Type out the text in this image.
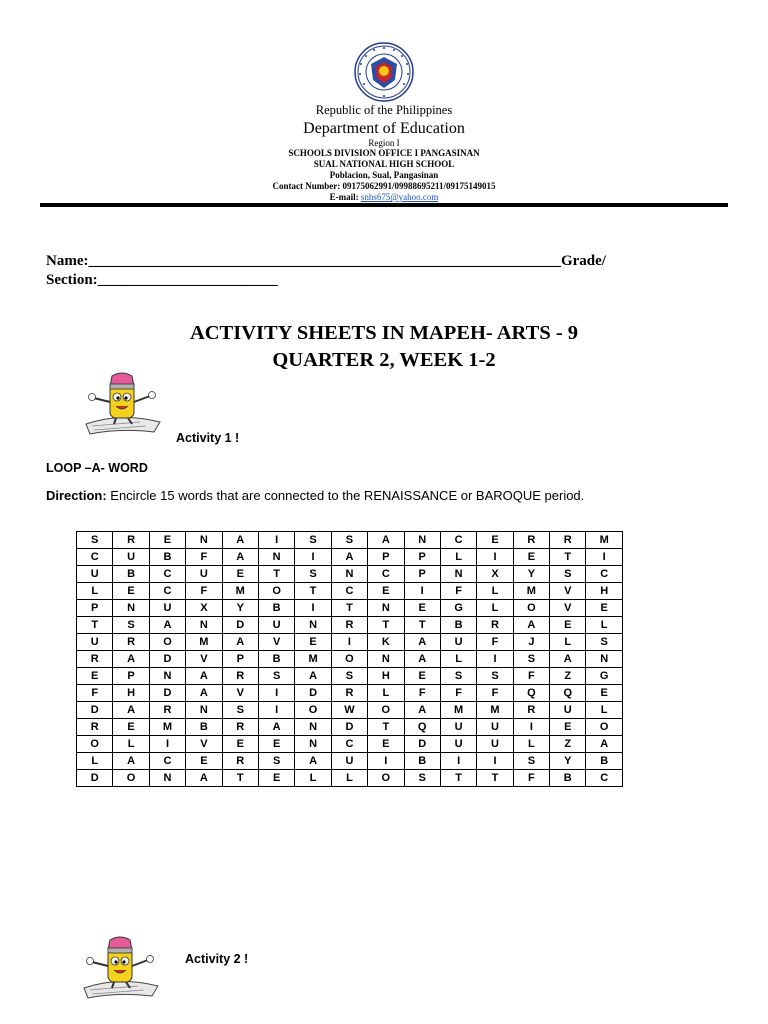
Republic of the Philippines
Department of Education
Region I
SCHOOLS DIVISION OFFICE I PANGASINAN
SUAL NATIONAL HIGH SCHOOL
Poblacion, Sual, Pangasinan
Contact Number: 09175062991/09988695211/09175149015
E-mail: snhs675@yahoo.com
Name:_______________________________________________________________Grade/
Section:________________________
ACTIVITY SHEETS IN MAPEH- ARTS - 9
QUARTER 2, WEEK 1-2
Activity 1 !
LOOP –A- WORD
Direction: Encircle 15 words that are connected to the RENAISSANCE or BAROQUE period.
S	R	E	N	A	I	S	S	A	N	C	E	R	R	M
C	U	B	F	A	N	I	A	P	P	L	I	E	T	I
U	B	C	U	E	T	S	N	C	P	N	X	Y	S	C
L	E	C	F	M	O	T	C	E	I	F	L	M	V	H
P	N	U	X	Y	B	I	T	N	E	G	L	O	V	E
T	S	A	N	D	U	N	R	T	T	B	R	A	E	L
U	R	O	M	A	V	E	I	K	A	U	F	J	L	S
R	A	D	V	P	B	M	O	N	A	L	I	S	A	N
E	P	N	A	R	S	A	S	H	E	S	S	F	Z	G
F	H	D	A	V	I	D	R	L	F	F	F	Q	Q	E
D	A	R	N	S	I	O	W	O	A	M	M	R	U	L
R	E	M	B	R	A	N	D	T	Q	U	U	I	E	O
O	L	I	V	E	E	N	C	E	D	U	U	L	Z	A
L	A	C	E	R	S	A	U	I	B	I	I	S	Y	B
D	O	N	A	T	E	L	L	O	S	T	T	F	B	C
Activity 2 !
